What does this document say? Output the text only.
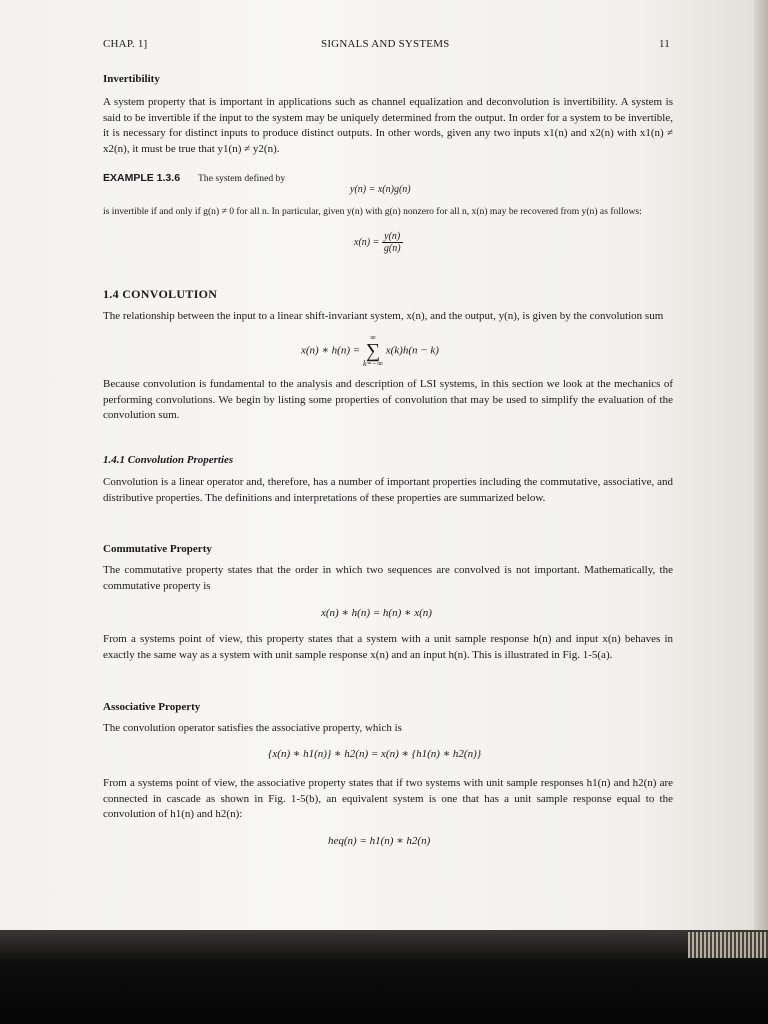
CHAP. 1]	SIGNALS AND SYSTEMS	11
Invertibility

A system property that is important in applications such as channel equalization and deconvolution is invertibility. A system is said to be invertible if the input to the system may be uniquely determined from the output. In order for a system to be invertible, it is necessary for distinct inputs to produce distinct outputs. In other words, given any two inputs x1(n) and x2(n) with x1(n) ≠ x2(n), it must be true that y1(n) ≠ y2(n).

EXAMPLE 1.3.6 The system defined by
y(n) = x(n)g(n)

is invertible if and only if g(n) ≠ 0 for all n. In particular, given y(n) with g(n) nonzero for all n, x(n) may be recovered from y(n) as follows:

$x(n) = \frac{y(n)}{g(n)}$
1.4 CONVOLUTION

The relationship between the input to a linear shift-invariant system, x(n), and the output, y(n), is given by the convolution sum

x(n) ∗ h(n) =
∞
∑
k=−∞
x(k)h(n − k)

Because convolution is fundamental to the analysis and description of LSI systems, in this section we look at the mechanics of performing convolutions. We begin by listing some properties of convolution that may be used to simplify the evaluation of the convolution sum.

1.4.1 Convolution Properties

Convolution is a linear operator and, therefore, has a number of important properties including the commutative, associative, and distributive properties. The definitions and interpretations of these properties are summarized below.

Commutative Property

The commutative property states that the order in which two sequences are convolved is not important. Mathematically, the commutative property is

x(n) ∗ h(n) = h(n) ∗ x(n)

From a systems point of view, this property states that a system with a unit sample response h(n) and input x(n) behaves in exactly the same way as a system with unit sample response x(n) and an input h(n). This is illustrated in Fig. 1-5(a).

Associative Property

The convolution operator satisfies the associative property, which is

{x(n) ∗ h1(n)} ∗ h2(n) = x(n) ∗ {h1(n) ∗ h2(n)}

From a systems point of view, the associative property states that if two systems with unit sample responses h1(n) and h2(n) are connected in cascade as shown in Fig. 1-5(b), an equivalent system is one that has a unit sample response equal to the convolution of h1(n) and h2(n):

heq(n) = h1(n) ∗ h2(n)
